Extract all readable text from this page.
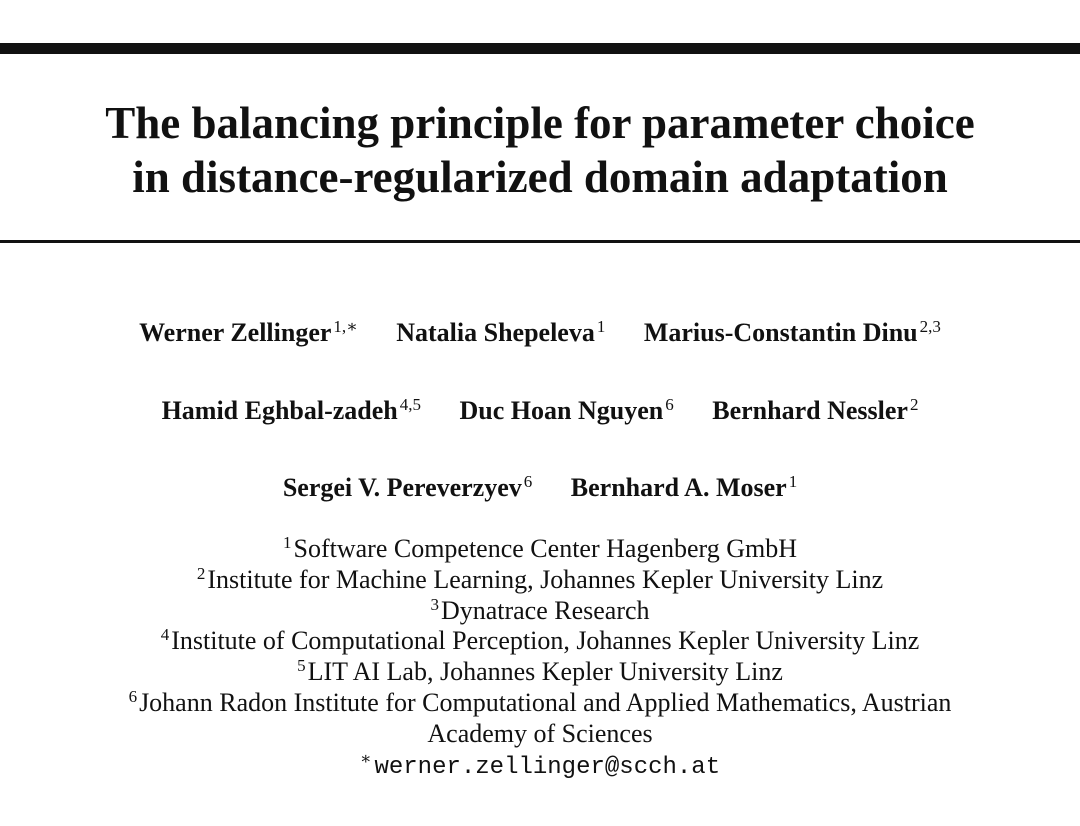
The balancing principle for parameter choice
in distance-regularized domain adaptation
Werner Zellinger $^{1,∗}$ Natalia Shepeleva $^1$ Marius-Constantin Dinu $^{2,3}$
Hamid Eghbal-zadeh $^{4,5}$ Duc Hoan Nguyen $^6$ Bernhard Nessler $^2$
Sergei V. Pereverzyev $^6$ Bernhard A. Moser $^1$
$^1$Software Competence Center Hagenberg GmbH
$^2$Institute for Machine Learning, Johannes Kepler University Linz
$^3$Dynatrace Research
$^4$Institute of Computational Perception, Johannes Kepler University Linz
$^5$LIT AI Lab, Johannes Kepler University Linz
$^6$Johann Radon Institute for Computational and Applied Mathematics, Austrian
Academy of Sciences
∗ werner.zellinger@scch.at
